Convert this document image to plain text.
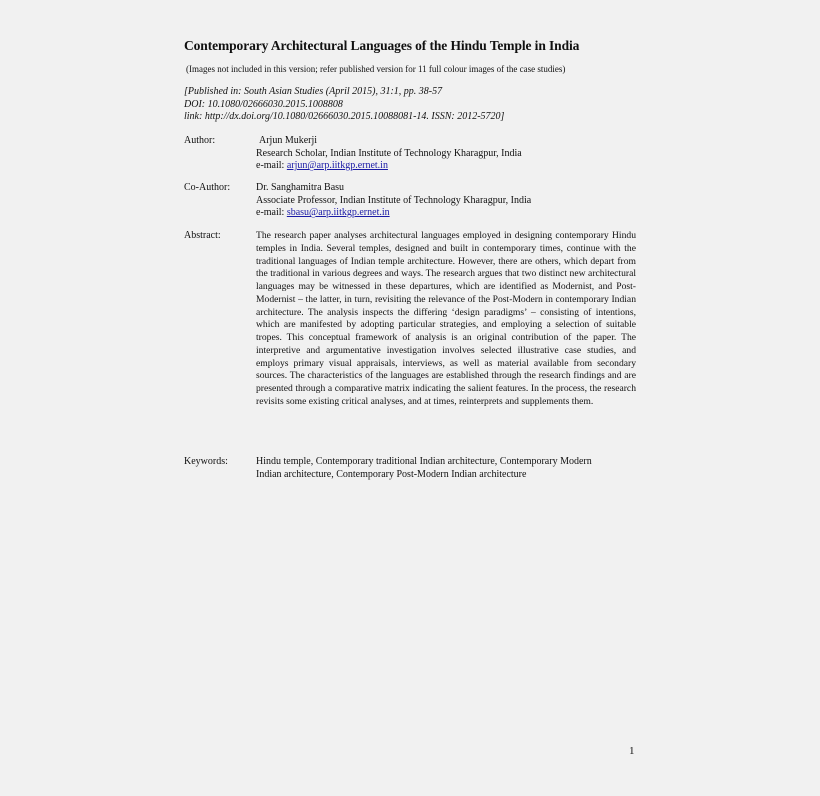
Contemporary Architectural Languages of the Hindu Temple in India
(Images not included in this version; refer published version for 11 full colour images of the case studies)
[Published in: South Asian Studies (April 2015), 31:1, pp. 38-57
DOI: 10.1080/02666030.2015.1008808
link: http://dx.doi.org/10.1080/02666030.2015.10088081-14. ISSN: 2012-5720]
Author:	Arjun Mukerji
Research Scholar, Indian Institute of Technology Kharagpur, India
e-mail: arjun@arp.iitkgp.ernet.in
Co-Author:	Dr. Sanghamitra Basu
Associate Professor, Indian Institute of Technology Kharagpur, India
e-mail: sbasu@arp.iitkgp.ernet.in
Abstract:	The research paper analyses architectural languages employed in designing contemporary Hindu temples in India. Several temples, designed and built in contemporary times, continue with the traditional languages of Indian temple architecture. However, there are others, which depart from the traditional in various degrees and ways. The research argues that two distinct new architectural languages may be witnessed in these departures, which are identified as Modernist, and Post-Modernist – the latter, in turn, revisiting the relevance of the Post-Modern in contemporary Indian architecture. The analysis inspects the differing ‘design paradigms’ – consisting of intentions, which are manifested by adopting particular strategies, and employing a selection of suitable tropes. This conceptual framework of analysis is an original contribution of the paper. The interpretive and argumentative investigation involves selected illustrative case studies, and employs primary visual appraisals, interviews, as well as material available from secondary sources. The characteristics of the languages are established through the research findings and are presented through a comparative matrix indicating the salient features. In the process, the research revisits some existing critical analyses, and at times, reinterprets and supplements them.
Keywords:	Hindu temple, Contemporary traditional Indian architecture, Contemporary Modern
Indian architecture, Contemporary Post-Modern Indian architecture
1
